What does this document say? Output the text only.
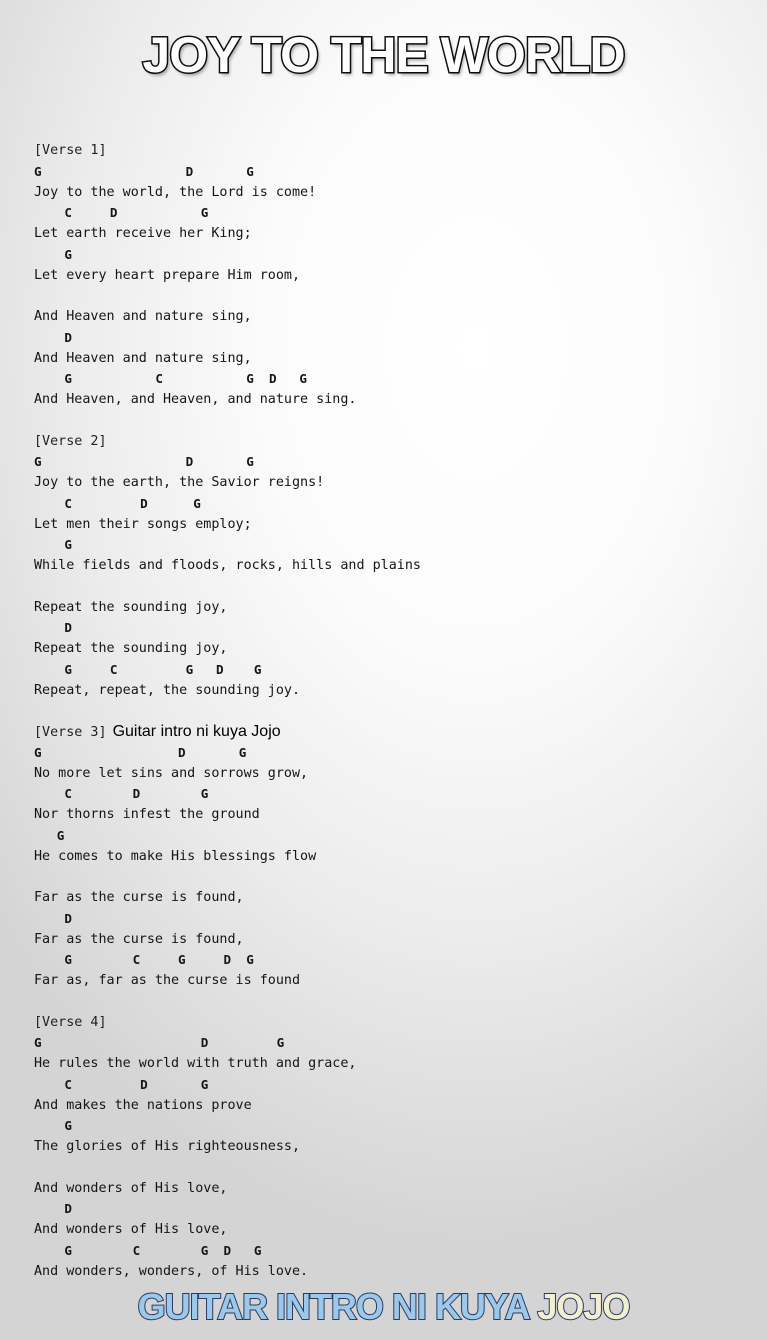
JOY TO THE WORLD
[Verse 1]
G                   D       G
Joy to the world, the Lord is come!
C     D           G
Let earth receive her King;
G
Let every heart prepare Him room,
And Heaven and nature sing,
D
And Heaven and nature sing,
G           C           G  D   G
And Heaven, and Heaven, and nature sing.
[Verse 2]
G                   D       G
Joy to the earth, the Savior reigns!
C         D      G
Let men their songs employ;
G
While fields and floods, rocks, hills and plains
Repeat the sounding joy,
D
Repeat the sounding joy,
G     C         G   D    G
Repeat, repeat, the sounding joy.
[Verse 3] Guitar intro ni kuya Jojo
G                  D       G
No more let sins and sorrows grow,
C        D        G
Nor thorns infest the ground
G
He comes to make His blessings flow
Far as the curse is found,
D
Far as the curse is found,
G        C     G     D  G
Far as, far as the curse is found
[Verse 4]
G                     D         G
He rules the world with truth and grace,
C         D       G
And makes the nations prove
G
The glories of His righteousness,
And wonders of His love,
D
And wonders of His love,
G        C        G  D   G
And wonders, wonders, of His love.
GUITAR INTRO NI KUYA JOJO
